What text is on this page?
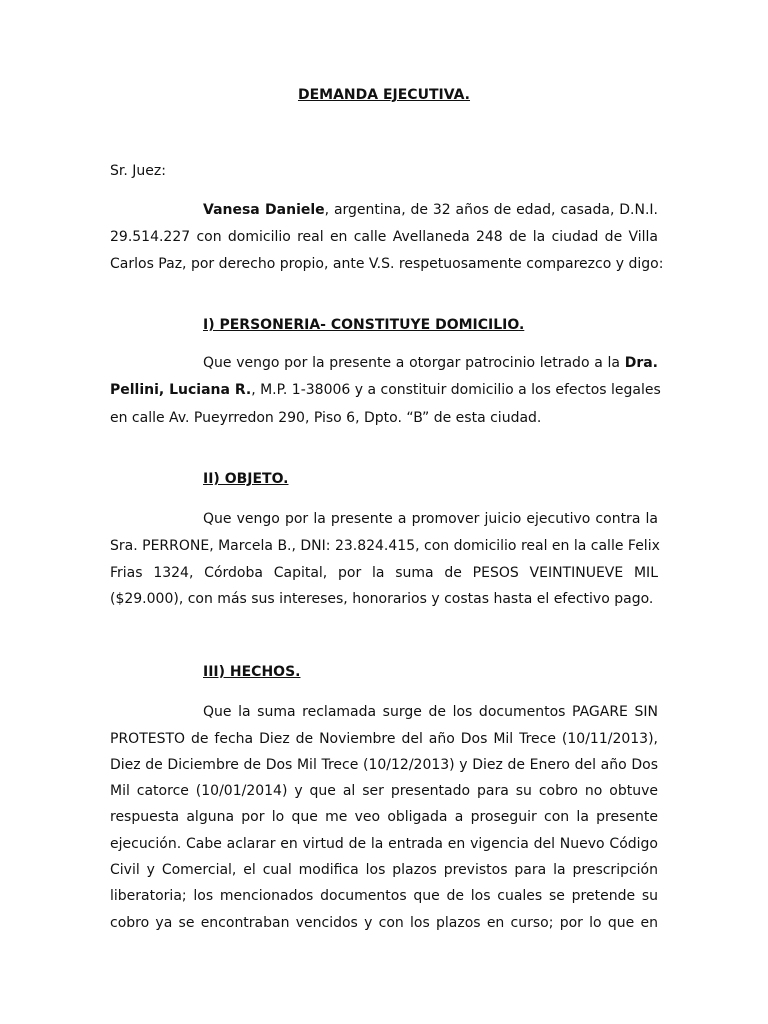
DEMANDA EJECUTIVA.
Sr. Juez:
Vanesa Daniele, argentina, de 32 años de edad, casada, D.N.I.
29.514.227 con domicilio real en calle Avellaneda 248 de la ciudad de Villa
Carlos Paz, por derecho propio, ante V.S. respetuosamente comparezco y digo:
I) PERSONERIA- CONSTITUYE DOMICILIO.
Que vengo por la presente a otorgar patrocinio letrado a la Dra.
Pellini, Luciana R., M.P. 1-38006 y a constituir domicilio a los efectos legales
en calle Av. Pueyrredon 290, Piso 6, Dpto. “B” de esta ciudad.
II) OBJETO.
Que vengo por la presente a promover juicio ejecutivo contra la
Sra. PERRONE, Marcela B., DNI: 23.824.415, con domicilio real en la calle Felix
Frias 1324, Córdoba Capital, por la suma de PESOS VEINTINUEVE MIL
($29.000), con más sus intereses, honorarios y costas hasta el efectivo pago.
III) HECHOS.
Que la suma reclamada surge de los documentos PAGARE SIN
PROTESTO de fecha Diez de Noviembre del año Dos Mil Trece (10/11/2013),
Diez de Diciembre de Dos Mil Trece (10/12/2013) y Diez de Enero del año Dos
Mil catorce (10/01/2014) y que al ser presentado para su cobro no obtuve
respuesta alguna por lo que me veo obligada a proseguir con la presente
ejecución. Cabe aclarar en virtud de la entrada en vigencia del Nuevo Código
Civil y Comercial, el cual modifica los plazos previstos para la prescripción
liberatoria; los mencionados documentos que de los cuales se pretende su
cobro ya se encontraban vencidos y con los plazos en curso; por lo que en
